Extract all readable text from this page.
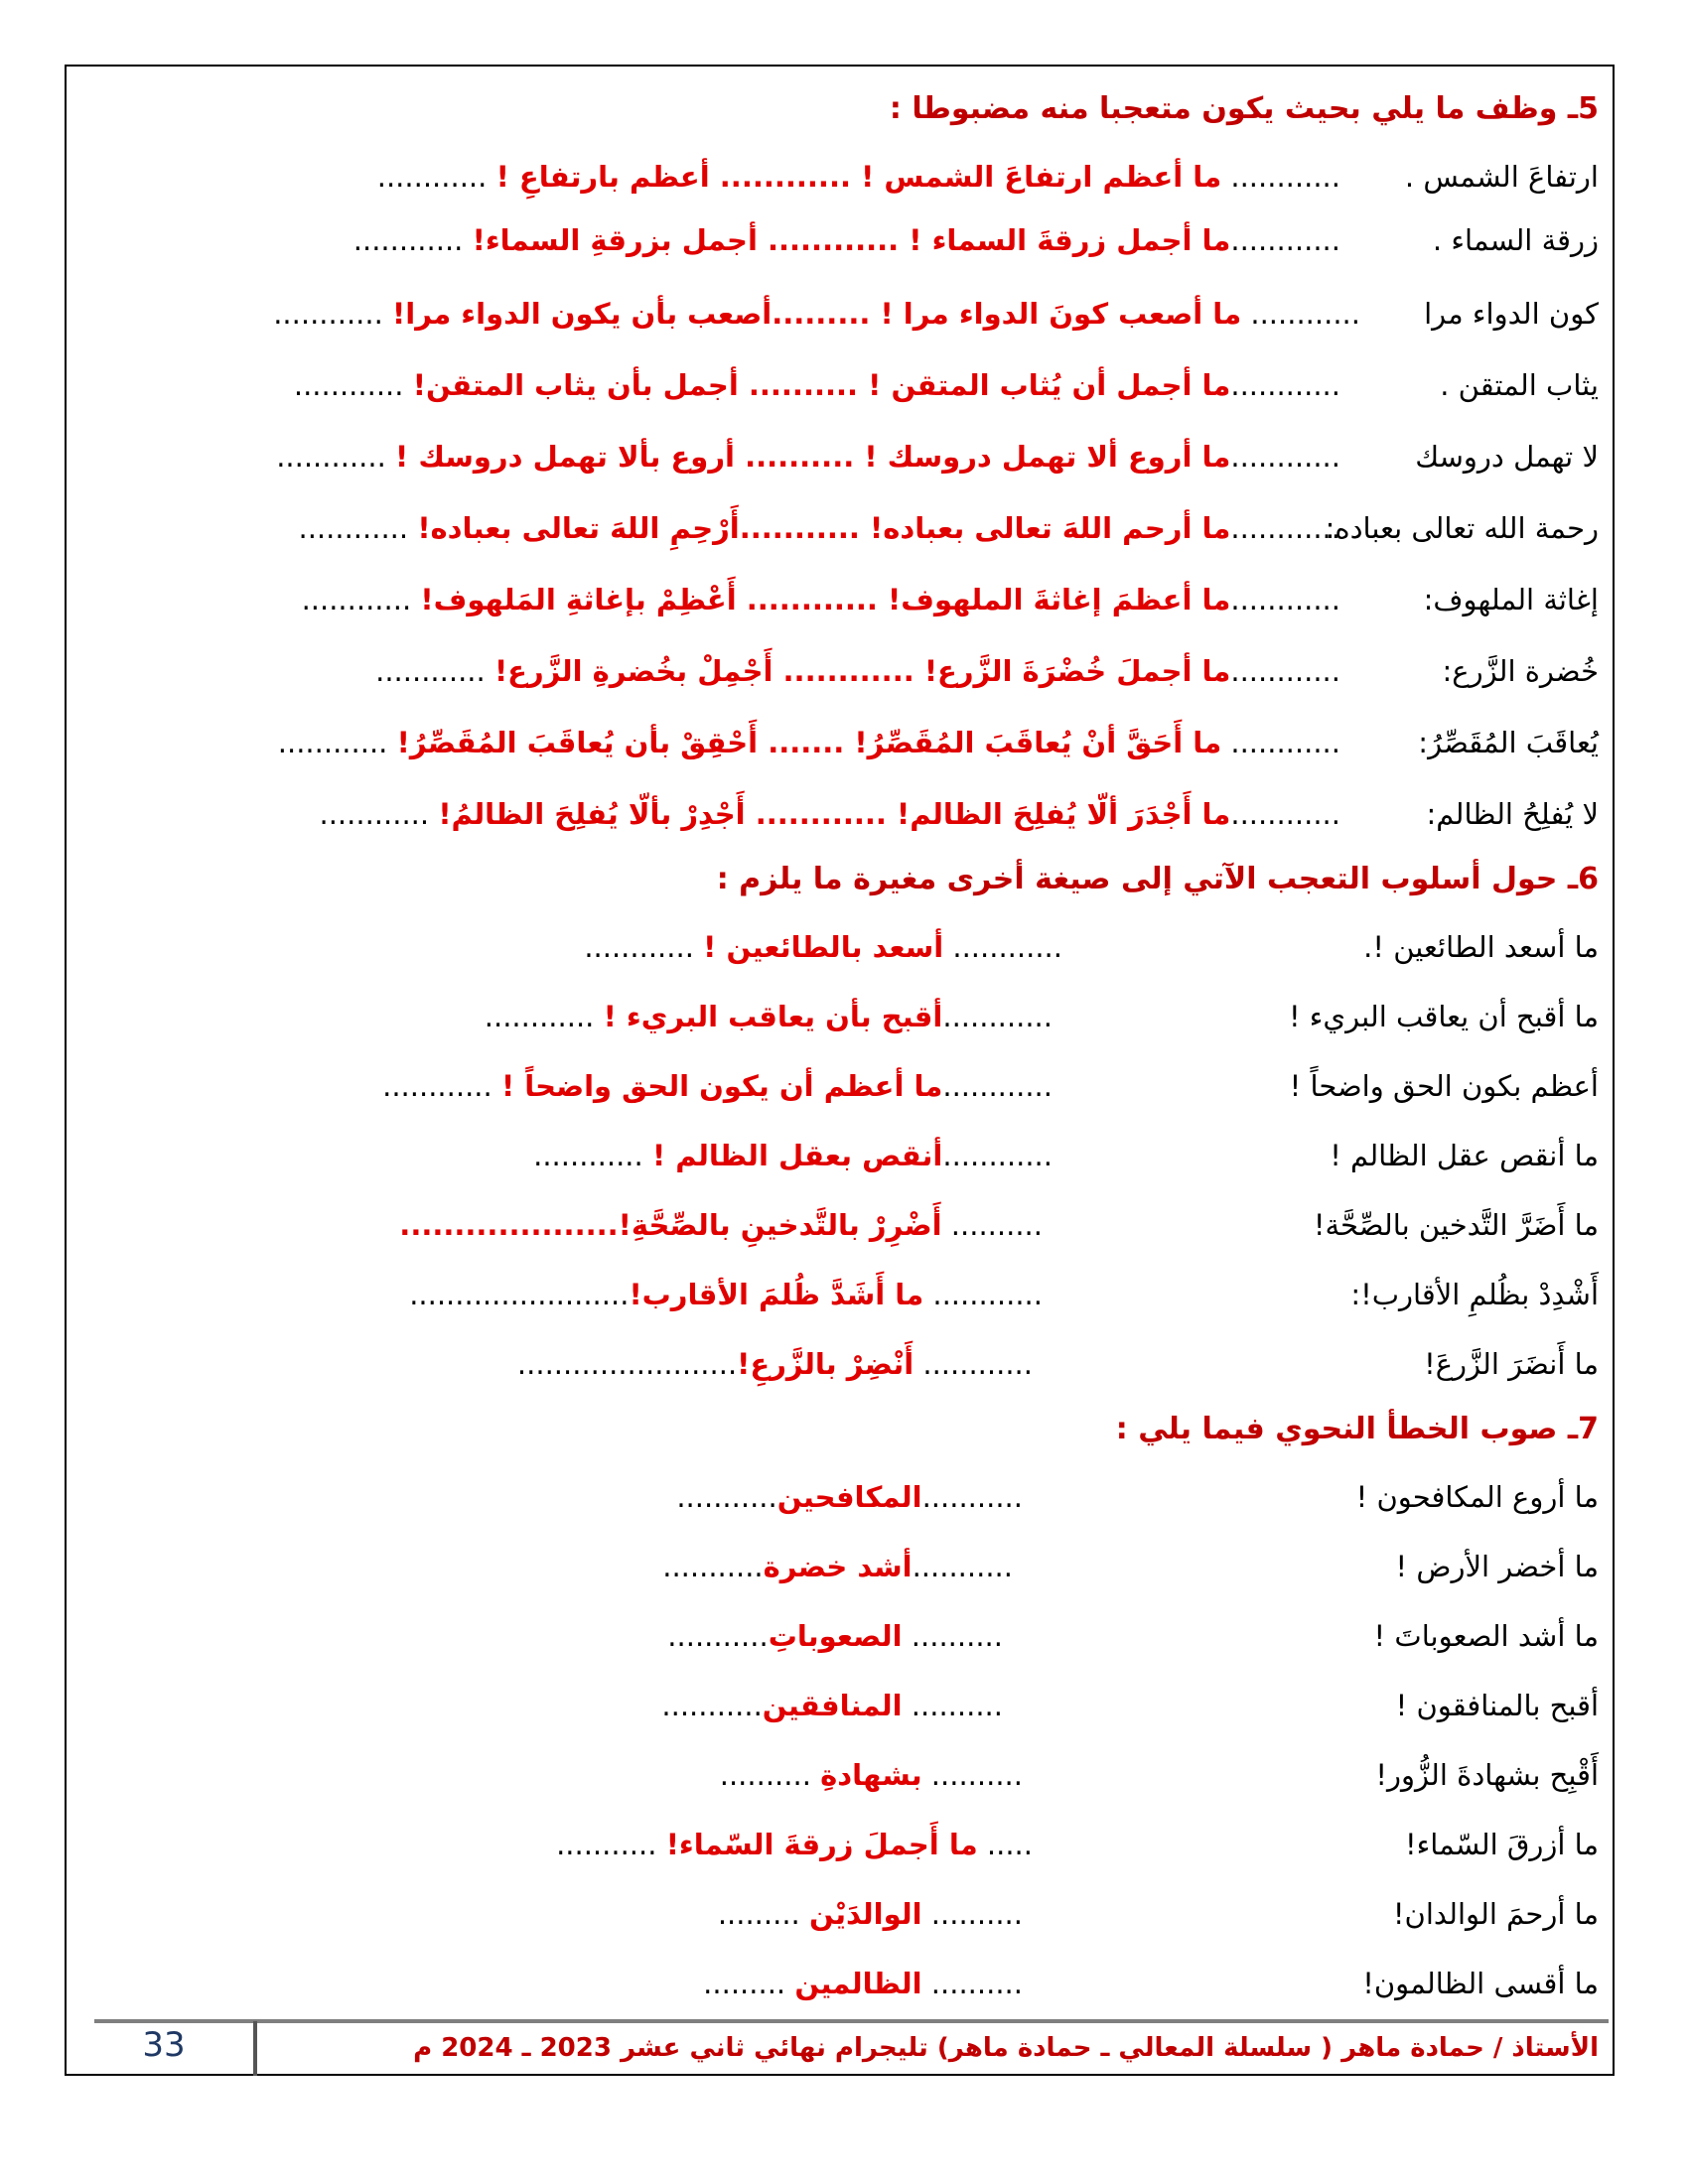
5ـ وظف ما يلي بحيث يكون متعجبا منه مضبوطا :
ارتفاعَ الشمس .
............ ما أعظم ارتفاعَ الشمس ! ............ أعظم بارتفاعِ ! ............
زرقة السماء .
............ما أجمل زرقةَ السماء ! ............ أجمل بزرقةِ السماء! ............
كون الدواء مرا
............ ما أصعب كونَ الدواء مرا ! .........أصعب بأن يكون الدواء مرا! ............
يثاب المتقن .
............ما أجمل أن يُثاب المتقن ! .......... أجمل بأن يثاب المتقن! ............
لا تهمل دروسك
............ما أروع ألا تهمل دروسك ! .......... أروع بألا تهمل دروسك ! ............
رحمة الله تعالى بعباده:
............ما أرحم اللهَ تعالى بعباده! ...........أَرْحِمِ اللهَ تعالى بعباده! ............
إغاثة الملهوف:
............ما أعظمَ إغاثةَ الملهوف! ............ أَعْظِمْ بإغاثةِ المَلهوف! ............
خُضرة الزَّرع:
............ما أجملَ خُضْرَةَ الزَّرع! ............ أَجْمِلْ بخُضرةِ الزَّرع! ............
يُعاقَبَ المُقَصِّرُ:
............ ما أَحَقَّ أنْ يُعاقَبَ المُقَصِّرُ! ....... أَحْقِقْ بأن يُعاقَبَ المُقَصِّرُ! ............
لا يُفلِحُ الظالم:
............ما أَجْدَرَ ألّا يُفلِحَ الظالم! ............ أَجْدِرْ بألّا يُفلِحَ الظالمُ! ............
6ـ حول أسلوب التعجب الآتي إلى صيغة أخرى مغيرة ما يلزم :
ما أسعد الطائعين !.
............ أسعد بالطائعين ! ............
ما أقبح أن يعاقب البريء !
............أقبح بأن يعاقب البريء ! ............
أعظم بكون الحق واضحاً !
............ما أعظم أن يكون الحق واضحاً ! ............
ما أنقص عقل الظالم !
............أنقص بعقل الظالم ! ............
ما أَضَرَّ التَّدخين بالصِّحَّة!
.......... أَضْرِرْ بالتَّدخينِ بالصِّحَّةِ!....................
أَشْدِدْ بظُلمِ الأقارب!:
............ ما أَشَدَّ ظُلمَ الأقارب!........................
ما أَنضَرَ الزَّرعَ!
............ أَنْضِرْ بالزَّرعِ!........................
7ـ صوب الخطأ النحوي فيما يلي :
ما أروع المكافحون !
...........المكافحين...........
ما أخضر الأرض !
...........أشد خضرة...........
ما أشد الصعوباتَ !
.......... الصعوباتِ...........
أقبح بالمنافقون !
.......... المنافقين...........
أَقْبِح بشهادةَ الزُّور!
.......... بشهادةِ ..........
ما أزرقَ السّماء!
..... ما أَجملَ زرقةَ السّماء! ...........
ما أرحمَ الوالدان!
.......... الوالدَيْن .........
ما أقسى الظالمون!
.......... الظالمين .........
33	الأستاذ / حمادة ماهر ( سلسلة المعالي ـ حمادة ماهر) تليجرام نهائي ثاني عشر 2023 ـ 2024 م
